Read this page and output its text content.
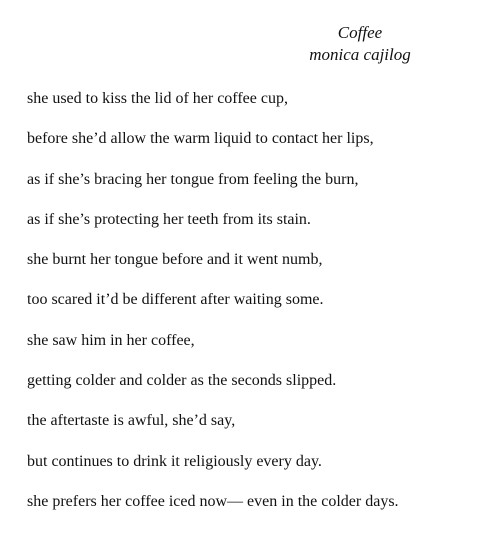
Coffee
monica cajilog
she used to kiss the lid of her coffee cup,
before she’d allow the warm liquid to contact her lips,
as if she’s bracing her tongue from feeling the burn,
as if she’s protecting her teeth from its stain.
she burnt her tongue before and it went numb,
too scared it’d be different after waiting some.
she saw him in her coffee,
getting colder and colder as the seconds slipped.
the aftertaste is awful, she’d say,
but continues to drink it religiously every day.
she prefers her coffee iced now— even in the colder days.
